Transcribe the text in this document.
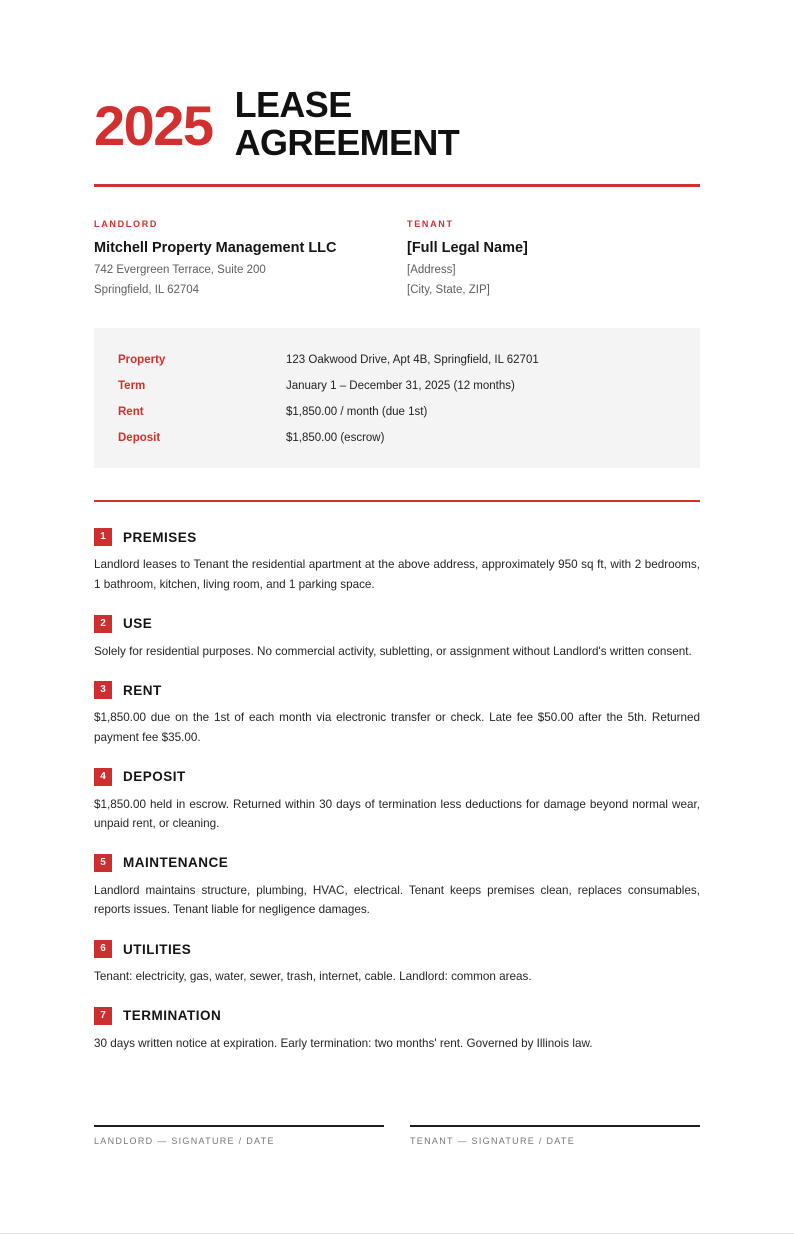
2025 LEASE
AGREEMENT
LANDLORD
Mitchell Property Management LLC
742 Evergreen Terrace, Suite 200
Springfield, IL 62704
TENANT
[Full Legal Name]
[Address]
[City, State, ZIP]
Property	123 Oakwood Drive, Apt 4B, Springfield, IL 62701
Term	January 1 – December 31, 2025 (12 months)
Rent	$1,850.00 / month (due 1st)
Deposit	$1,850.00 (escrow)
1	PREMISES
Landlord leases to Tenant the residential apartment at the above address, approximately 950 sq ft, with 2 bedrooms, 1 bathroom, kitchen, living room, and 1 parking space.
2	USE
Solely for residential purposes. No commercial activity, subletting, or assignment without Landlord's written consent.
3	RENT
$1,850.00 due on the 1st of each month via electronic transfer or check. Late fee $50.00 after the 5th. Returned payment fee $35.00.
4	DEPOSIT
$1,850.00 held in escrow. Returned within 30 days of termination less deductions for damage beyond normal wear, unpaid rent, or cleaning.
5	MAINTENANCE
Landlord maintains structure, plumbing, HVAC, electrical. Tenant keeps premises clean, replaces consumables, reports issues. Tenant liable for negligence damages.
6	UTILITIES
Tenant: electricity, gas, water, sewer, trash, internet, cable. Landlord: common areas.
7	TERMINATION
30 days written notice at expiration. Early termination: two months' rent. Governed by Illinois law.
LANDLORD — SIGNATURE / DATE	TENANT — SIGNATURE / DATE
